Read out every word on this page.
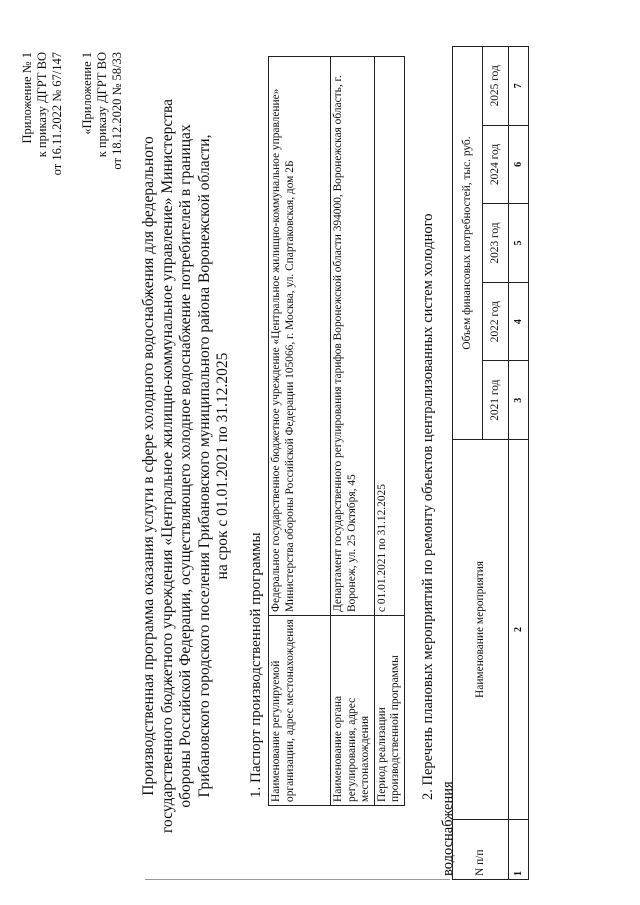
Приложение № 1 к приказу ДГРТ ВО от 16.11.2022 № 67/147 «Приложение 1 к приказу ДГРТ ВО от 18.12.2020 № 58/33
Производственная программа оказания услуги в сфере холодного водоснабжения для федерального государственного бюджетного учреждения «Центральное жилищно-коммунальное управление» Министерства обороны Российской Федерации, осуществляющего холодное водоснабжение потребителей в границах Грибановского городского поселения Грибановского муниципального района Воронежской области, на срок с 01.01.2021 по 31.12.2025
1. Паспорт производственной программы Наименование регулируемой организации, адрес местонахождения	Федеральное государственное бюджетное учреждение «Центральное жилищно-коммунальное управление» Министерства обороны Российской Федерации 105066, г. Москва, ул. Спартаковская, дом 2Б
Наименование органа регулирования, адрес местонахождения	Департамент государственного регулирования тарифов Воронежской области 394000, Воронежская область, г. Воронеж, ул. 25 Октября, 45
Период реализации производственной программы	с 01.01.2021 по 31.12.2025 2. Перечень плановых мероприятий по ремонту объектов централизованных систем холодного
водоснабжения N п/п	Наименование мероприятия	Объем финансовых потребностей, тыс. руб.				
		2021 год	2022 год	2023 год	2024 год	2025 год
1	2	3	4	5	6	7
